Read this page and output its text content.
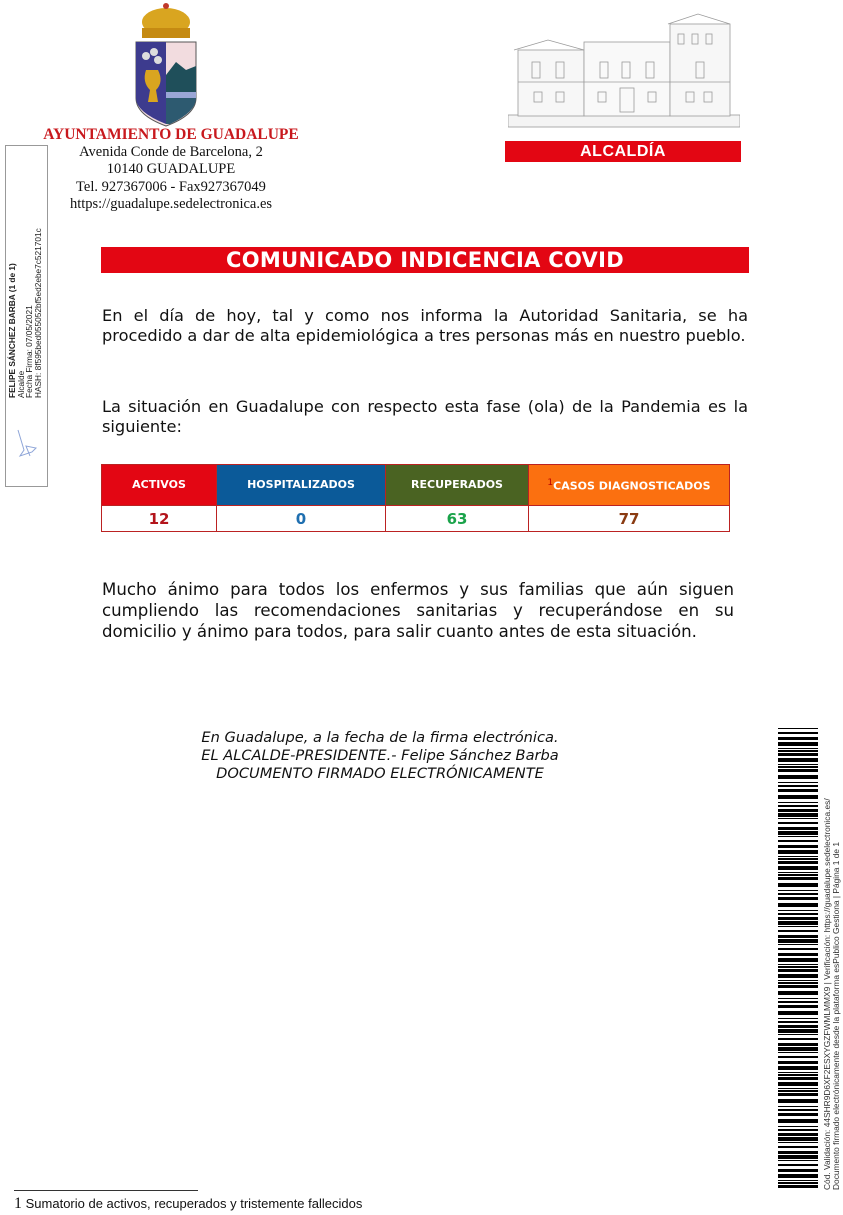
AYUNTAMIENTO DE GUADALUPE
Avenida Conde de Barcelona, 2
10140 GUADALUPE
Tel. 927367006 - Fax927367049
https://guadalupe.sedelectronica.es
ALCALDÍA
FELIPE SÁNCHEZ BARBA (1 de 1)
Alcalde
Fecha Firma: 07/05/2021
HASH: 8f595bed055052bf5ed2ebe7c521701c	COMUNICADO INDICENCIA COVID
En el día de hoy, tal y como nos informa la Autoridad Sanitaria, se ha procedido a dar de alta epidemiológica a tres personas más en nuestro pueblo.
La situación en Guadalupe con respecto esta fase (ola) de la Pandemia es la siguiente:
ACTIVOS	HOSPITALIZADOS	RECUPERADOS	$^1$CASOS DIAGNOSTICADOS
12	0	63	77
Mucho ánimo para todos los enfermos y sus familias que aún siguen cumpliendo las recomendaciones sanitarias y recuperándose en su domicilio y ánimo para todos, para salir cuanto antes de esta situación.
En Guadalupe, a la fecha de la firma electrónica.
EL ALCALDE-PRESIDENTE.- Felipe Sánchez Barba
DOCUMENTO FIRMADO ELECTRÓNICAMENTE
Cód. Validación: 44SHR9D6XF2ESXYGZFWMLMMX9 | Verificación: https://guadalupe.sedelectronica.es/ Documento firmado electrónicamente desde la plataforma esPublico Gestiona | Página 1 de 1
1 Sumatorio de activos, recuperados y tristemente fallecidos
